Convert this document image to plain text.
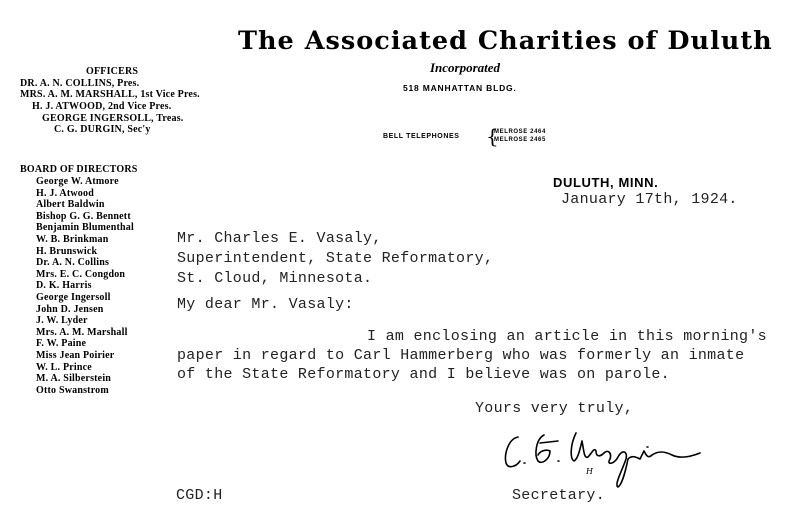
The Associated Charities of Duluth
Incorporated
518 MANHATTAN BLDG.
BELL TELEPHONES {
MELROSE 2464
MELROSE 2465
OFFICERS
DR. A. N. COLLINS, Pres.
MRS. A. M. MARSHALL, 1st Vice Pres.
H. J. ATWOOD, 2nd Vice Pres.
GEORGE INGERSOLL, Treas.
C. G. DURGIN, Sec'y
BOARD OF DIRECTORS
George W. Atmore
H. J. Atwood
Albert Baldwin
Bishop G. G. Bennett
Benjamin Blumenthal
W. B. Brinkman
H. Brunswick
Dr. A. N. Collins
Mrs. E. C. Congdon
D. K. Harris
George Ingersoll
John D. Jensen
J. W. Lyder
Mrs. A. M. Marshall
F. W. Paine
Miss Jean Poirier
W. L. Prince
M. A. Silberstein
Otto Swanstrom
DULUTH, MINN.
January 17th, 1924.
Mr. Charles E. Vasaly,
Superintendent, State Reformatory,
St. Cloud, Minnesota.
My dear Mr. Vasaly:
I am enclosing an article in this morning's
paper in regard to Carl Hammerberg who was formerly an inmate
of the State Reformatory and I believe was on parole.
Yours very truly,
H
Secretary.
CGD:H
